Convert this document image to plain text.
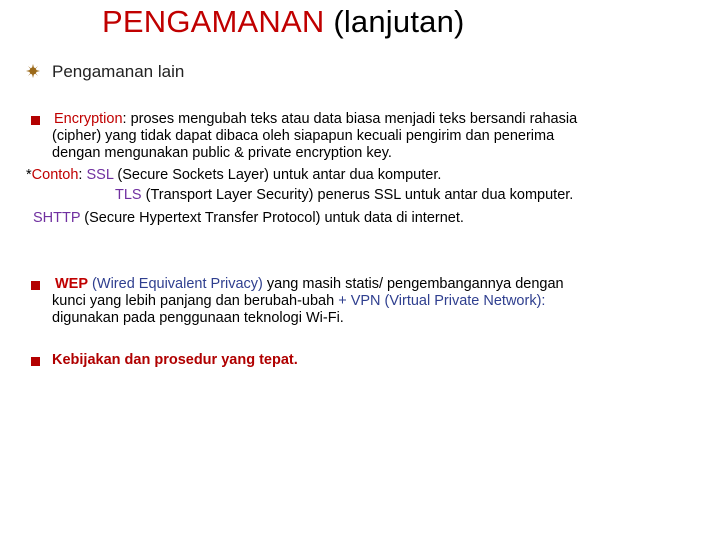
PENGAMANAN (lanjutan)
Pengamanan lain
Encryption: proses mengubah teks atau data biasa menjadi teks bersandi rahasia
(cipher) yang tidak dapat dibaca oleh siapapun kecuali pengirim dan penerima
dengan mengunakan public & private encryption key.
*Contoh: SSL (Secure Sockets Layer) untuk antar dua komputer.
TLS (Transport Layer Security) penerus SSL untuk antar dua komputer.
SHTTP (Secure Hypertext Transfer Protocol) untuk data di internet.
WEP (Wired Equivalent Privacy) yang masih statis/ pengembangannya dengan
kunci yang lebih panjang dan berubah-ubah + VPN (Virtual Private Network):
digunakan pada penggunaan teknologi Wi-Fi.
Kebijakan dan prosedur yang tepat.
